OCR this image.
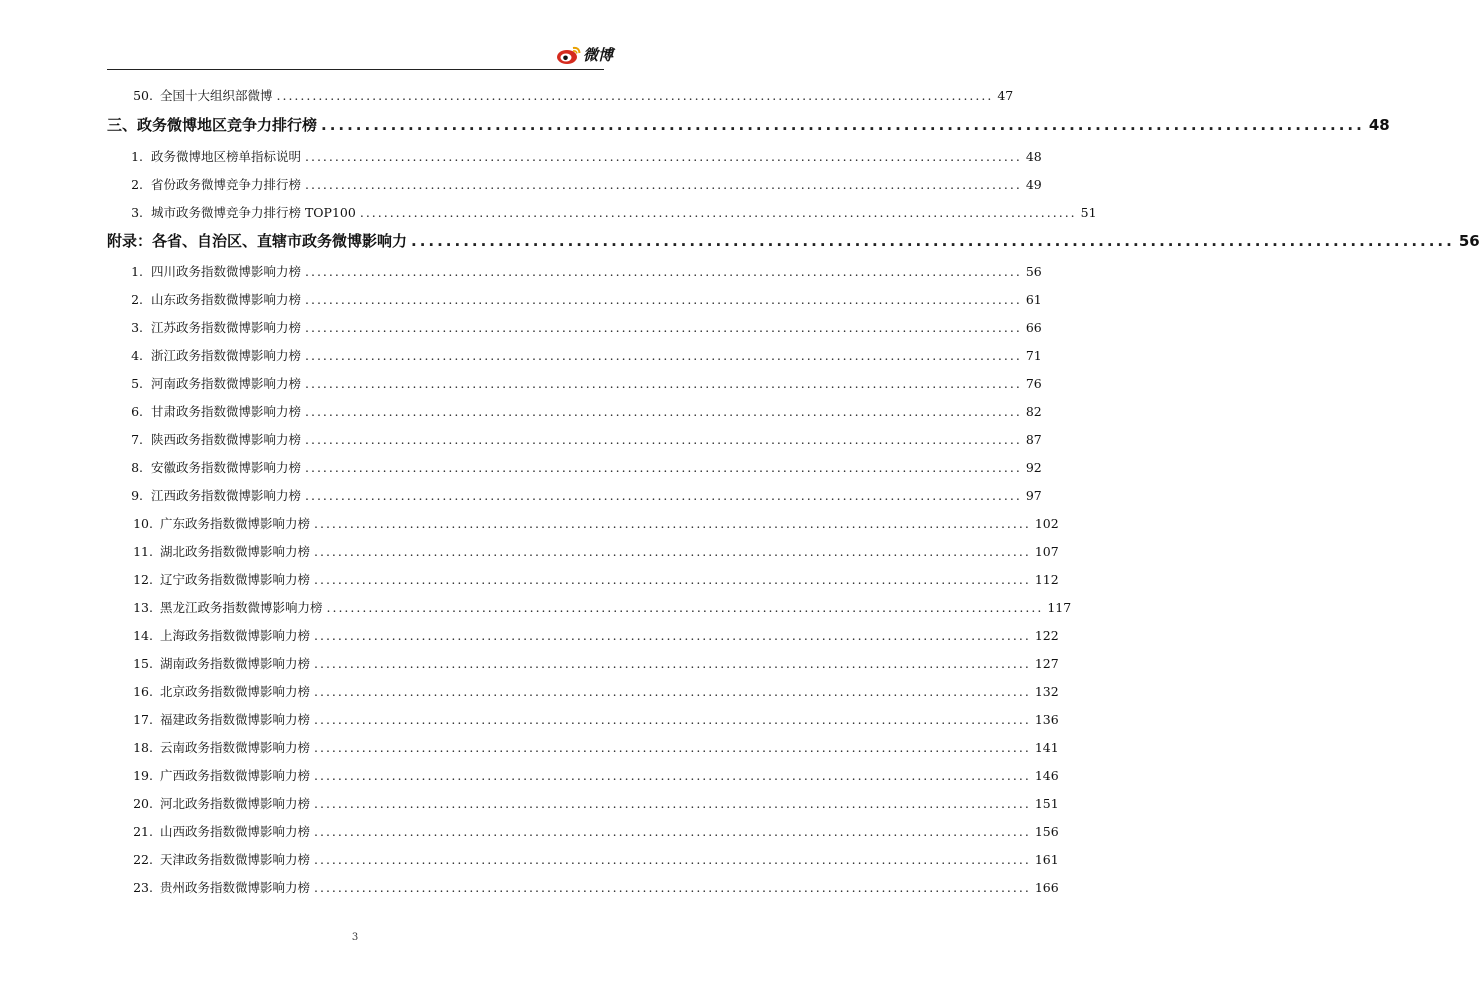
微博
50. 全国十大组织部微博 ........................................................................................................................ 47
三、政务微博地区竞争力排行榜 ........................................................................................................................ 48
1. 政务微博地区榜单指标说明 ........................................................................................................................ 48
2. 省份政务微博竞争力排行榜 ........................................................................................................................ 49
3. 城市政务微博竞争力排行榜 TOP100 ........................................................................................................................ 51
附录：各省、自治区、直辖市政务微博影响力 ........................................................................................................................ 56
1. 四川政务指数微博影响力榜 ........................................................................................................................ 56
2. 山东政务指数微博影响力榜 ........................................................................................................................ 61
3. 江苏政务指数微博影响力榜 ........................................................................................................................ 66
4. 浙江政务指数微博影响力榜 ........................................................................................................................ 71
5. 河南政务指数微博影响力榜 ........................................................................................................................ 76
6. 甘肃政务指数微博影响力榜 ........................................................................................................................ 82
7. 陕西政务指数微博影响力榜 ........................................................................................................................ 87
8. 安徽政务指数微博影响力榜 ........................................................................................................................ 92
9. 江西政务指数微博影响力榜 ........................................................................................................................ 97
10. 广东政务指数微博影响力榜 ........................................................................................................................ 102
11. 湖北政务指数微博影响力榜 ........................................................................................................................ 107
12. 辽宁政务指数微博影响力榜 ........................................................................................................................ 112
13. 黑龙江政务指数微博影响力榜 ........................................................................................................................ 117
14. 上海政务指数微博影响力榜 ........................................................................................................................ 122
15. 湖南政务指数微博影响力榜 ........................................................................................................................ 127
16. 北京政务指数微博影响力榜 ........................................................................................................................ 132
17. 福建政务指数微博影响力榜 ........................................................................................................................ 136
18. 云南政务指数微博影响力榜 ........................................................................................................................ 141
19. 广西政务指数微博影响力榜 ........................................................................................................................ 146
20. 河北政务指数微博影响力榜 ........................................................................................................................ 151
21. 山西政务指数微博影响力榜 ........................................................................................................................ 156
22. 天津政务指数微博影响力榜 ........................................................................................................................ 161
23. 贵州政务指数微博影响力榜 ........................................................................................................................ 166
3
